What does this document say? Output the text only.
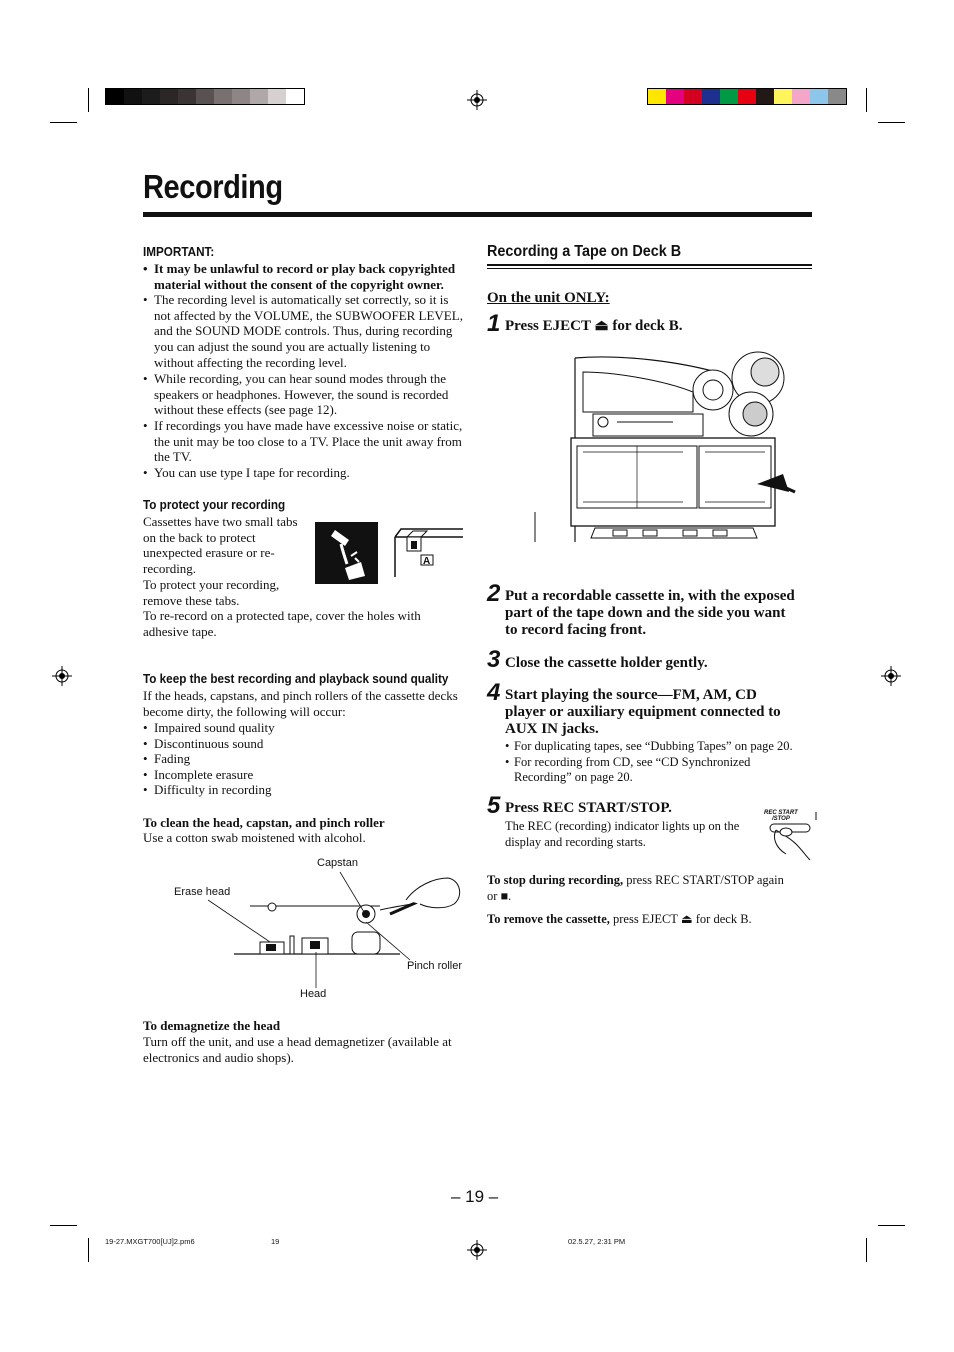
Recording
IMPORTANT:
• It may be unlawful to record or play back copyrighted material without the consent of the copyright owner.
• The recording level is automatically set correctly, so it is not affected by the VOLUME, the SUBWOOFER LEVEL, and the SOUND MODE controls. Thus, during recording you can adjust the sound you are actually listening to without affecting the recording level.
• While recording, you can hear sound modes through the speakers or headphones. However, the sound is recorded without these effects (see page 12).
• If recordings you have made have excessive noise or static, the unit may be too close to a TV. Place the unit away from the TV.
• You can use type I tape for recording.
To protect your recording
Cassettes have two small tabs
on the back to protect
unexpected erasure or re-
recording.
To protect your recording,
remove these tabs.
To re-record on a protected tape, cover the holes with
adhesive tape.
A
To keep the best recording and playback sound quality
If the heads, capstans, and pinch rollers of the cassette decks
become dirty, the following will occur:
• Impaired sound quality
• Discontinuous sound
• Fading
• Incomplete erasure
• Difficulty in recording
To clean the head, capstan, and pinch roller
Use a cotton swab moistened with alcohol.
Capstan
Erase head
Pinch roller
Head
To demagnetize the head
Turn off the unit, and use a head demagnetizer (available at
electronics and audio shops).
Recording a Tape on Deck B
On the unit ONLY:
1 Press EJECT ⏏ for deck B.
2 Put a recordable cassette in, with the exposed
part of the tape down and the side you want
to record facing front.
3 Close the cassette holder gently.
4 Start playing the source—FM, AM, CD
player or auxiliary equipment connected to
AUX IN jacks.
• For duplicating tapes, see “Dubbing Tapes” on page 20.
• For recording from CD, see “CD Synchronized
Recording” on page 20.
5 Press REC START/STOP.
The REC (recording) indicator lights up on the
display and recording starts.
REC START
/STOP
To stop during recording, press REC START/STOP again
or ■.
To remove the cassette, press EJECT ⏏ for deck B.
– 19 –
19-27.MXGT700[UJ]2.pm6	19	02.5.27, 2:31 PM
